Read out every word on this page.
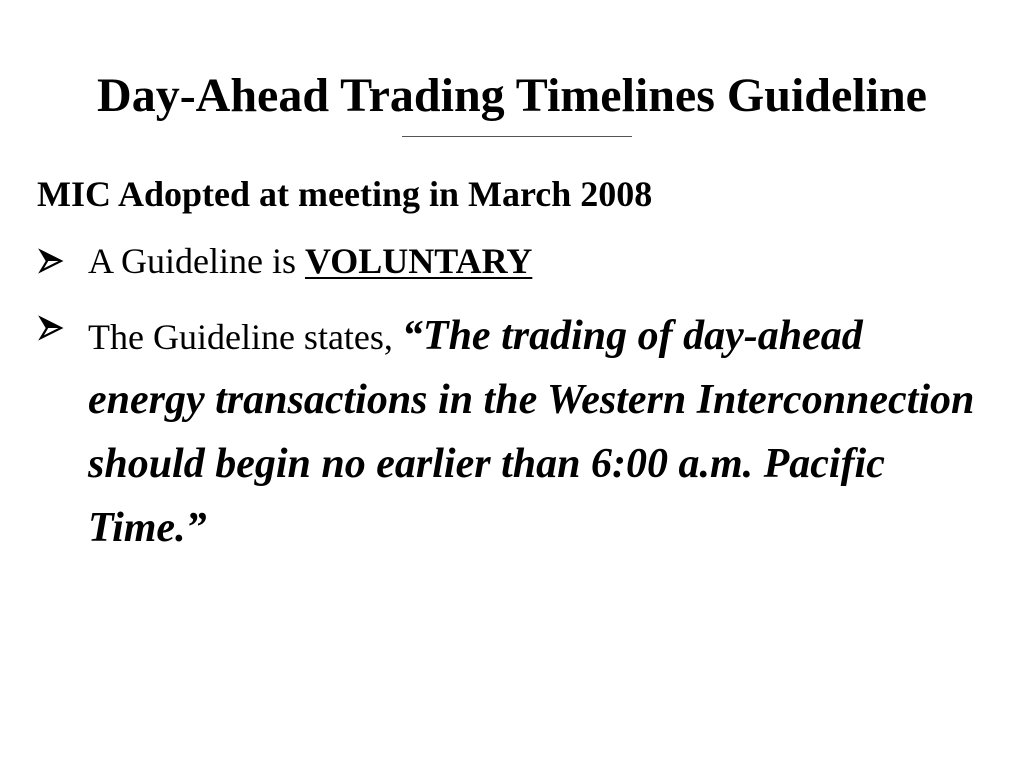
Day-Ahead Trading Timelines Guideline
MIC Adopted at meeting in March 2008
A Guideline is VOLUNTARY
The Guideline states, “The trading of day-ahead energy transactions in the Western Interconnection should begin no earlier than 6:00 a.m. Pacific Time.”
